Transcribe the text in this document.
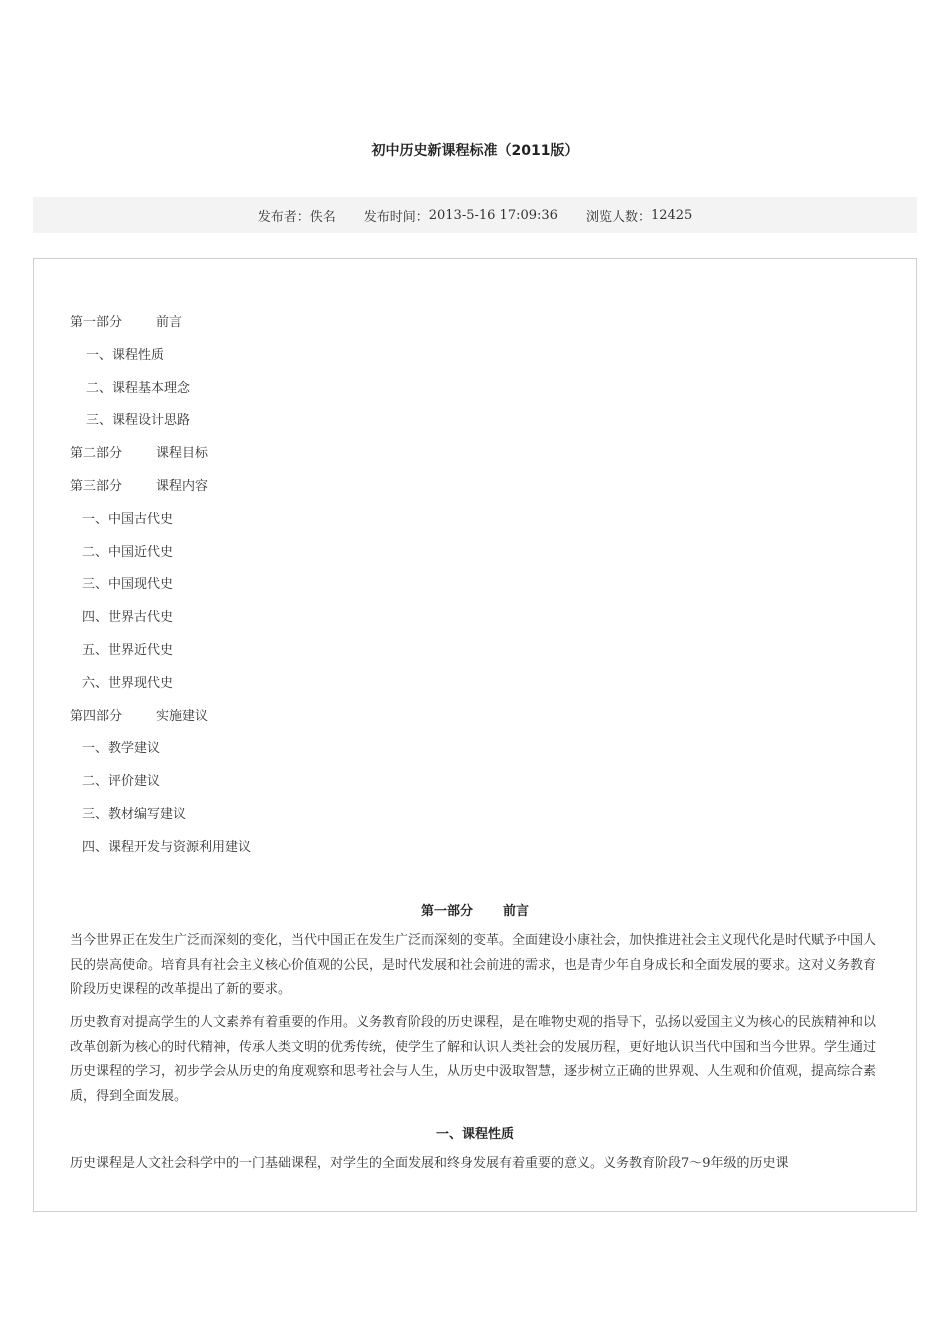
初中历史新课程标准（2011版）
发布者： 佚名 发布时间： 2013-5-16 17:09:36 浏览人数： 12425
第一部分	前言
一、课程性质
二、课程基本理念
三、课程设计思路
第二部分	课程目标
第三部分	课程内容
一、中国古代史
二、中国近代史
三、中国现代史
四、世界古代史
五、世界近代史
六、世界现代史
第四部分	实施建议
一、教学建议
二、评价建议
三、教材编写建议
四、课程开发与资源利用建议
第一部分 前言

当今世界正在发生广泛而深刻的变化，当代中国正在发生广泛而深刻的变革。全面建设小康社会，加快推进社会主义现代化是时代赋予中国人民的崇高使命。培育具有社会主义核心价值观的公民，是时代发展和社会前进的需求，也是青少年自身成长和全面发展的要求。这对义务教育阶段历史课程的改革提出了新的要求。

历史教育对提高学生的人文素养有着重要的作用。义务教育阶段的历史课程，是在唯物史观的指导下，弘扬以爱国主义为核心的民族精神和以改革创新为核心的时代精神，传承人类文明的优秀传统，使学生了解和认识人类社会的发展历程，更好地认识当代中国和当今世界。学生通过历史课程的学习，初步学会从历史的角度观察和思考社会与人生，从历史中汲取智慧，逐步树立正确的世界观、人生观和价值观，提高综合素质，得到全面发展。

一、课程性质

历史课程是人文社会科学中的一门基础课程，对学生的全面发展和终身发展有着重要的意义。义务教育阶段7～9年级的历史课
